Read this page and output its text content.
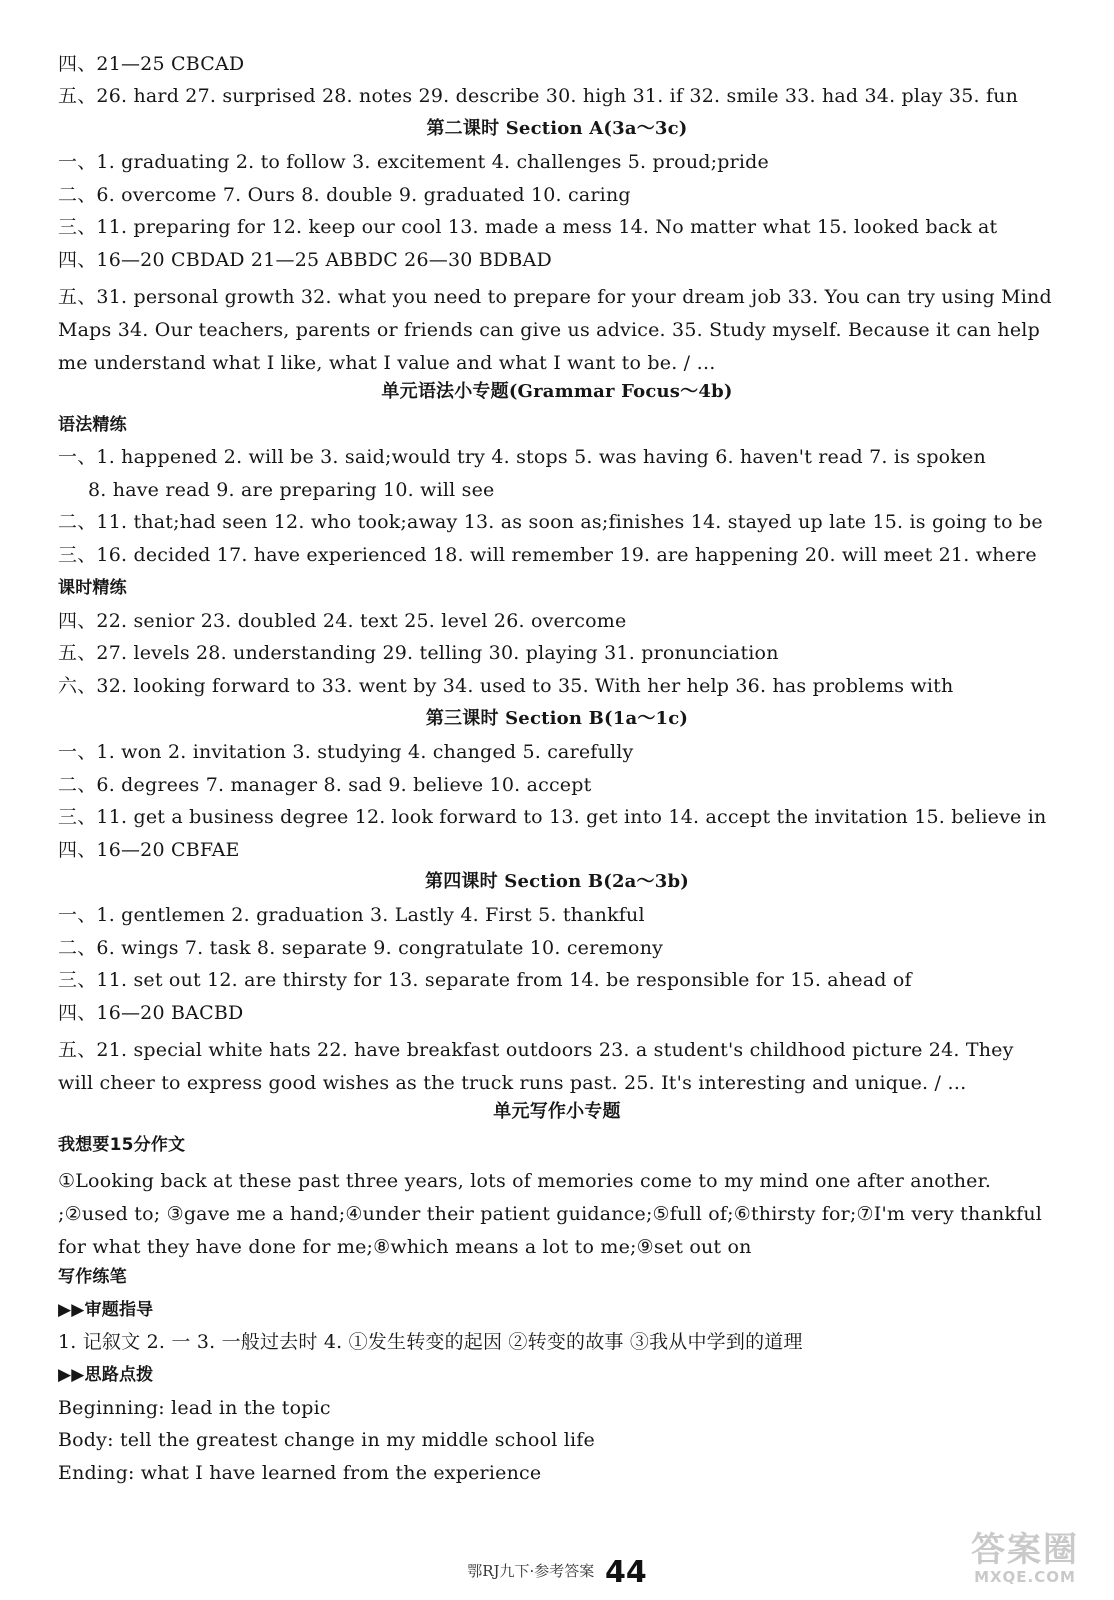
四、21—25 CBCAD
五、26. hard 27. surprised 28. notes 29. describe 30. high 31. if 32. smile 33. had 34. play 35. fun
第二课时 Section A(3a～3c)
一、1. graduating 2. to follow 3. excitement 4. challenges 5. proud;pride
二、6. overcome 7. Ours 8. double 9. graduated 10. caring
三、11. preparing for 12. keep our cool 13. made a mess 14. No matter what 15. looked back at
四、16—20 CBDAD 21—25 ABBDC 26—30 BDBAD
五、31. personal growth 32. what you need to prepare for your dream job 33. You can try using Mind Maps 34. Our teachers, parents or friends can give us advice. 35. Study myself. Because it can help me understand what I like, what I value and what I want to be. / …
单元语法小专题(Grammar Focus～4b)
语法精练
一、1. happened 2. will be 3. said;would try 4. stops 5. was having 6. haven't read 7. is spoken
8. have read 9. are preparing 10. will see
二、11. that;had seen 12. who took;away 13. as soon as;finishes 14. stayed up late 15. is going to be
三、16. decided 17. have experienced 18. will remember 19. are happening 20. will meet 21. where
课时精练
四、22. senior 23. doubled 24. text 25. level 26. overcome
五、27. levels 28. understanding 29. telling 30. playing 31. pronunciation
六、32. looking forward to 33. went by 34. used to 35. With her help 36. has problems with
第三课时 Section B(1a～1c)
一、1. won 2. invitation 3. studying 4. changed 5. carefully
二、6. degrees 7. manager 8. sad 9. believe 10. accept
三、11. get a business degree 12. look forward to 13. get into 14. accept the invitation 15. believe in
四、16—20 CBFAE
第四课时 Section B(2a～3b)
一、1. gentlemen 2. graduation 3. Lastly 4. First 5. thankful
二、6. wings 7. task 8. separate 9. congratulate 10. ceremony
三、11. set out 12. are thirsty for 13. separate from 14. be responsible for 15. ahead of
四、16—20 BACBD
五、21. special white hats 22. have breakfast outdoors 23. a student's childhood picture 24. They will cheer to express good wishes as the truck runs past. 25. It's interesting and unique. / …
单元写作小专题
我想要15分作文
①Looking back at these past three years, lots of memories come to my mind one after another. ;②used to; ③gave me a hand;④under their patient guidance;⑤full of;⑥thirsty for;⑦I'm very thankful for what they have done for me;⑧which means a lot to me;⑨set out on
写作练笔
▶▶审题指导
1. 记叙文 2. 一 3. 一般过去时 4. ①发生转变的起因 ②转变的故事 ③我从中学到的道理
▶▶思路点拨
Beginning: lead in the topic
Body: tell the greatest change in my middle school life
Ending: what I have learned from the experience
鄂RJ九下·参考答案 44
答案圈
MXQE.COM
